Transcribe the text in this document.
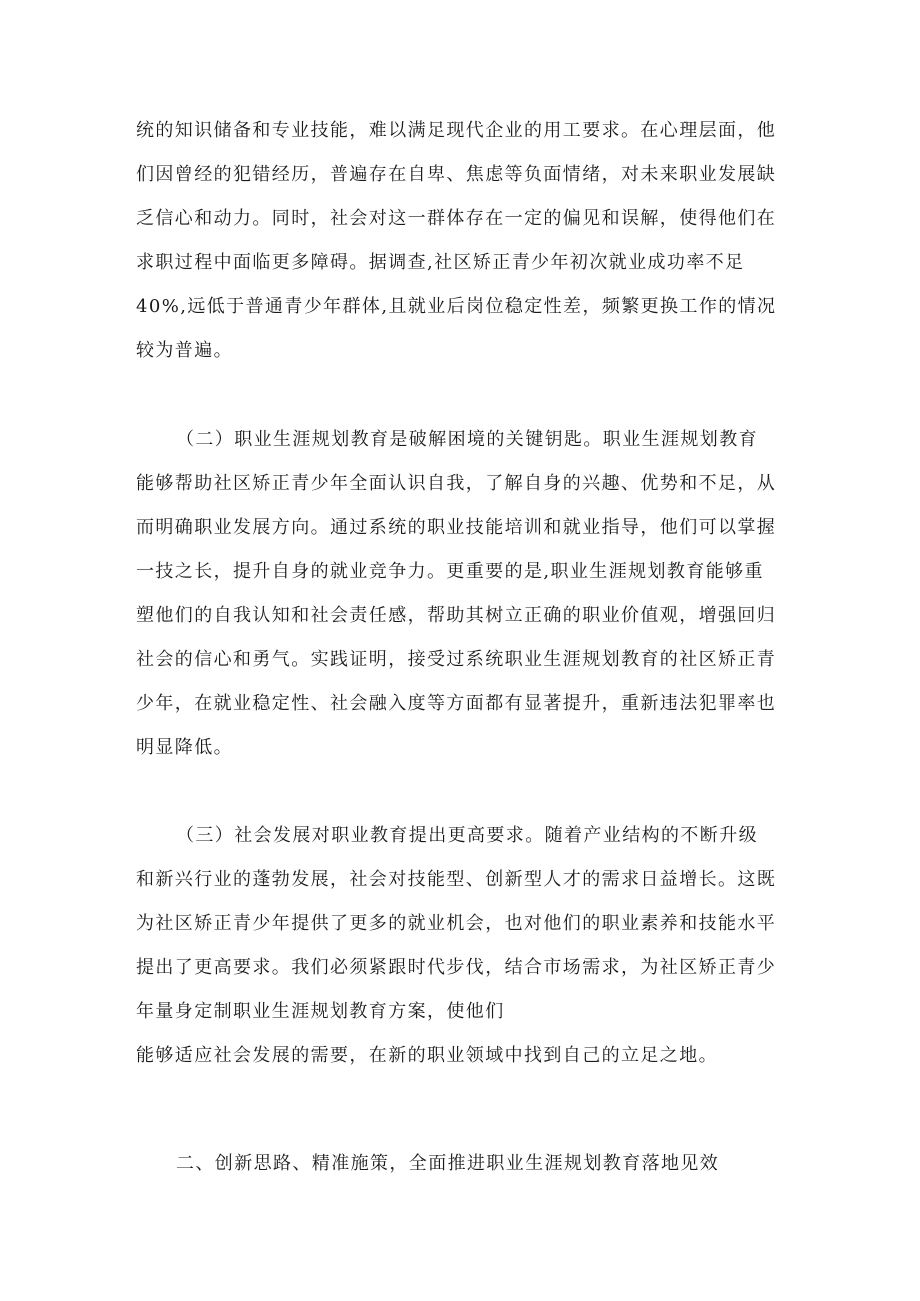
统的知识储备和专业技能，难以满足现代企业的用工要求。在心理层面，他
们因曾经的犯错经历，普遍存在自卑、焦虑等负面情绪，对未来职业发展缺
乏信心和动力。同时，社会对这一群体存在一定的偏见和误解，使得他们在
求职过程中面临更多障碍。据调查,社区矫正青少年初次就业成功率不足
40%,远低于普通青少年群体,且就业后岗位稳定性差，频繁更换工作的情况
较为普遍。
（二）职业生涯规划教育是破解困境的关键钥匙。职业生涯规划教育
能够帮助社区矫正青少年全面认识自我，了解自身的兴趣、优势和不足，从
而明确职业发展方向。通过系统的职业技能培训和就业指导，他们可以掌握
一技之长，提升自身的就业竞争力。更重要的是,职业生涯规划教育能够重
塑他们的自我认知和社会责任感，帮助其树立正确的职业价值观，增强回归
社会的信心和勇气。实践证明，接受过系统职业生涯规划教育的社区矫正青
少年，在就业稳定性、社会融入度等方面都有显著提升，重新违法犯罪率也
明显降低。
（三）社会发展对职业教育提出更高要求。随着产业结构的不断升级
和新兴行业的蓬勃发展，社会对技能型、创新型人才的需求日益增长。这既
为社区矫正青少年提供了更多的就业机会，也对他们的职业素养和技能水平
提出了更高要求。我们必须紧跟时代步伐，结合市场需求，为社区矫正青少
年量身定制职业生涯规划教育方案，使他们
能够适应社会发展的需要，在新的职业领域中找到自己的立足之地。
二、创新思路、精准施策，全面推进职业生涯规划教育落地见效
